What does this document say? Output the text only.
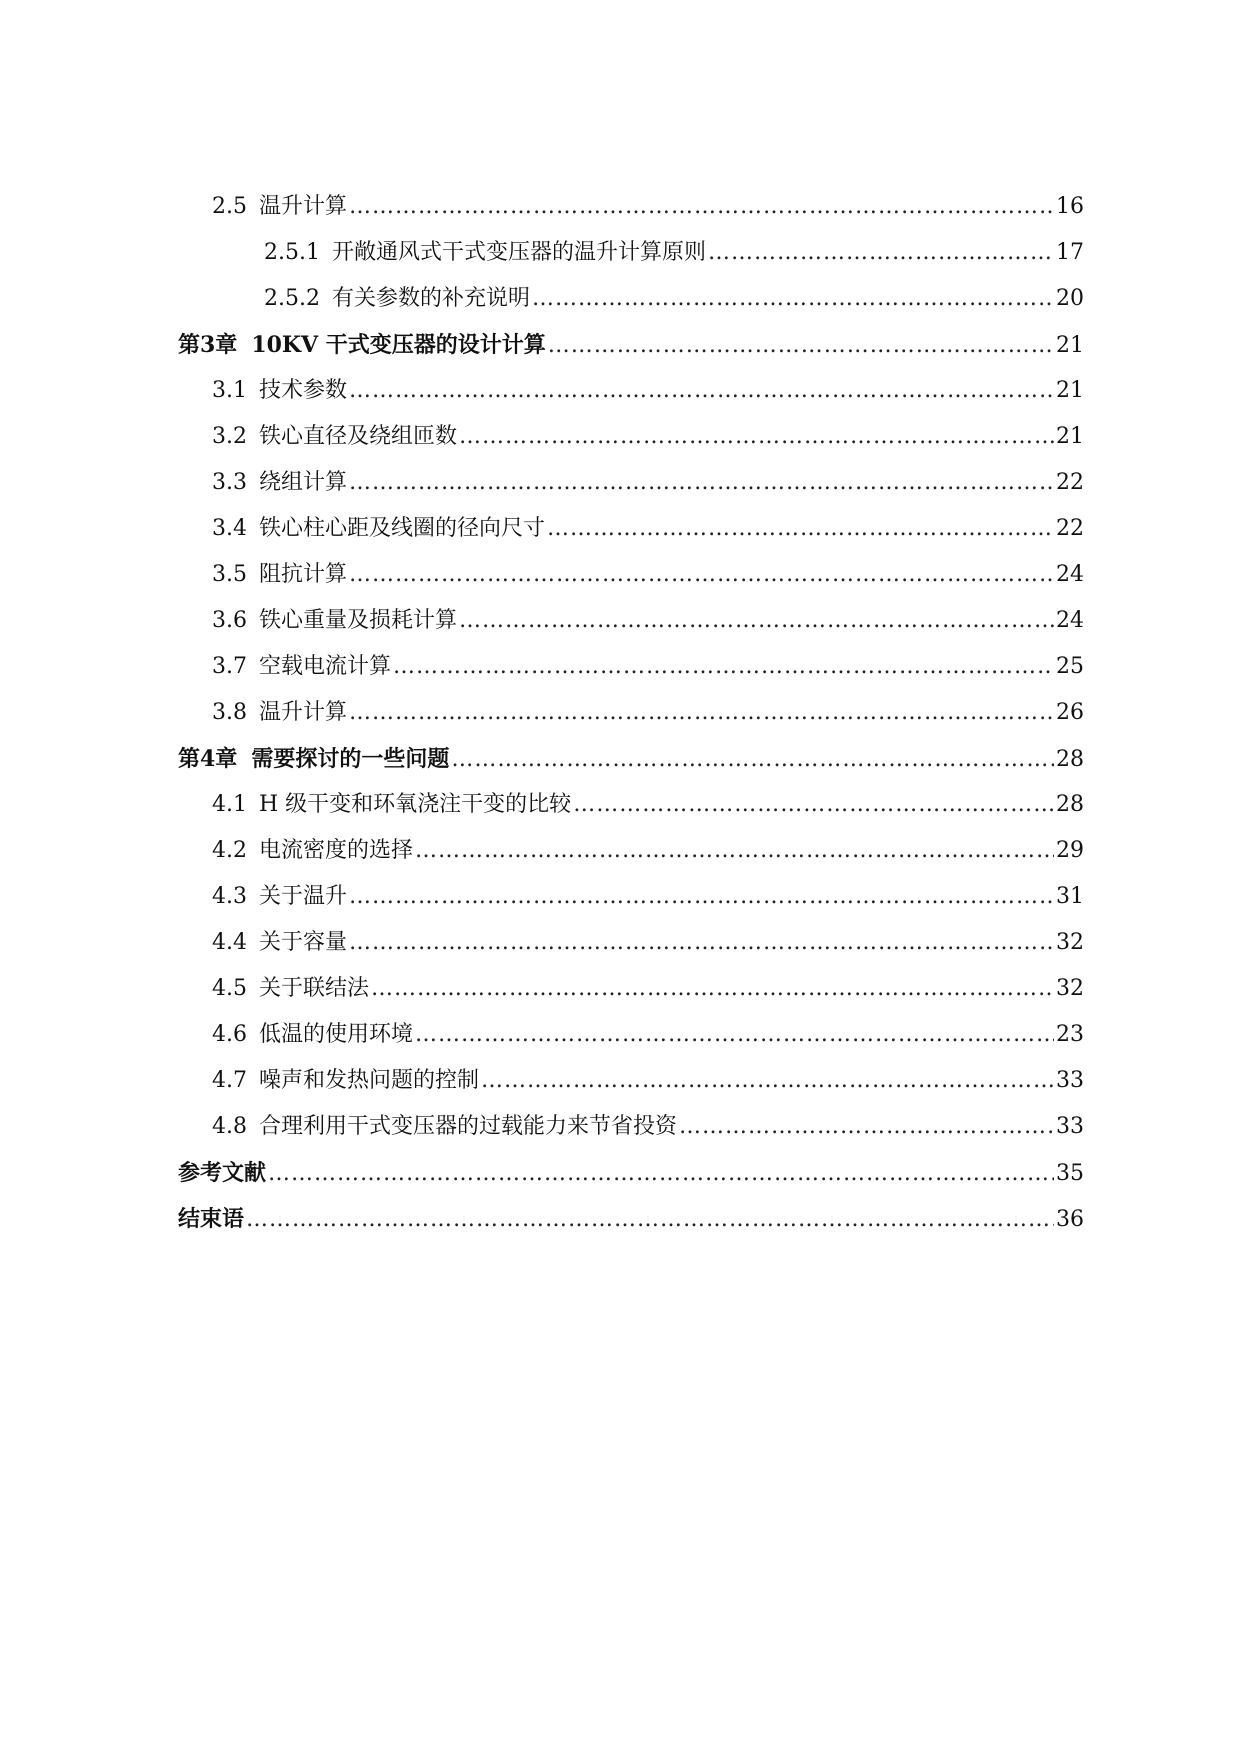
2.5 温升计算 …………………………………………………………………………………………………………………………………………………………………………	16
2.5.1 开敞通风式干式变压器的温升计算原则 …………………………………………………………………………………………………………………………………………………………………………	17
2.5.2 有关参数的补充说明 …………………………………………………………………………………………………………………………………………………………………………	20
第3章 10KV 干式变压器的设计计算 …………………………………………………………………………………………………………………………………………………………………………	21
3.1 技术参数 …………………………………………………………………………………………………………………………………………………………………………	21
3.2 铁心直径及绕组匝数 …………………………………………………………………………………………………………………………………………………………………………	21
3.3 绕组计算 …………………………………………………………………………………………………………………………………………………………………………	22
3.4 铁心柱心距及线圈的径向尺寸 …………………………………………………………………………………………………………………………………………………………………………	22
3.5 阻抗计算 …………………………………………………………………………………………………………………………………………………………………………	24
3.6 铁心重量及损耗计算 …………………………………………………………………………………………………………………………………………………………………………	24
3.7 空载电流计算 …………………………………………………………………………………………………………………………………………………………………………	25
3.8 温升计算 …………………………………………………………………………………………………………………………………………………………………………	26
第4章 需要探讨的一些问题 …………………………………………………………………………………………………………………………………………………………………………	28
4.1 H 级干变和环氧浇注干变的比较 …………………………………………………………………………………………………………………………………………………………………………	28
4.2 电流密度的选择 …………………………………………………………………………………………………………………………………………………………………………	29
4.3 关于温升 …………………………………………………………………………………………………………………………………………………………………………	31
4.4 关于容量 …………………………………………………………………………………………………………………………………………………………………………	32
4.5 关于联结法 …………………………………………………………………………………………………………………………………………………………………………	32
4.6 低温的使用环境 …………………………………………………………………………………………………………………………………………………………………………	23
4.7 噪声和发热问题的控制 …………………………………………………………………………………………………………………………………………………………………………	33
4.8 合理利用干式变压器的过载能力来节省投资 …………………………………………………………………………………………………………………………………………………………………………	33
参考文献 …………………………………………………………………………………………………………………………………………………………………………	35
结束语 …………………………………………………………………………………………………………………………………………………………………………	36
